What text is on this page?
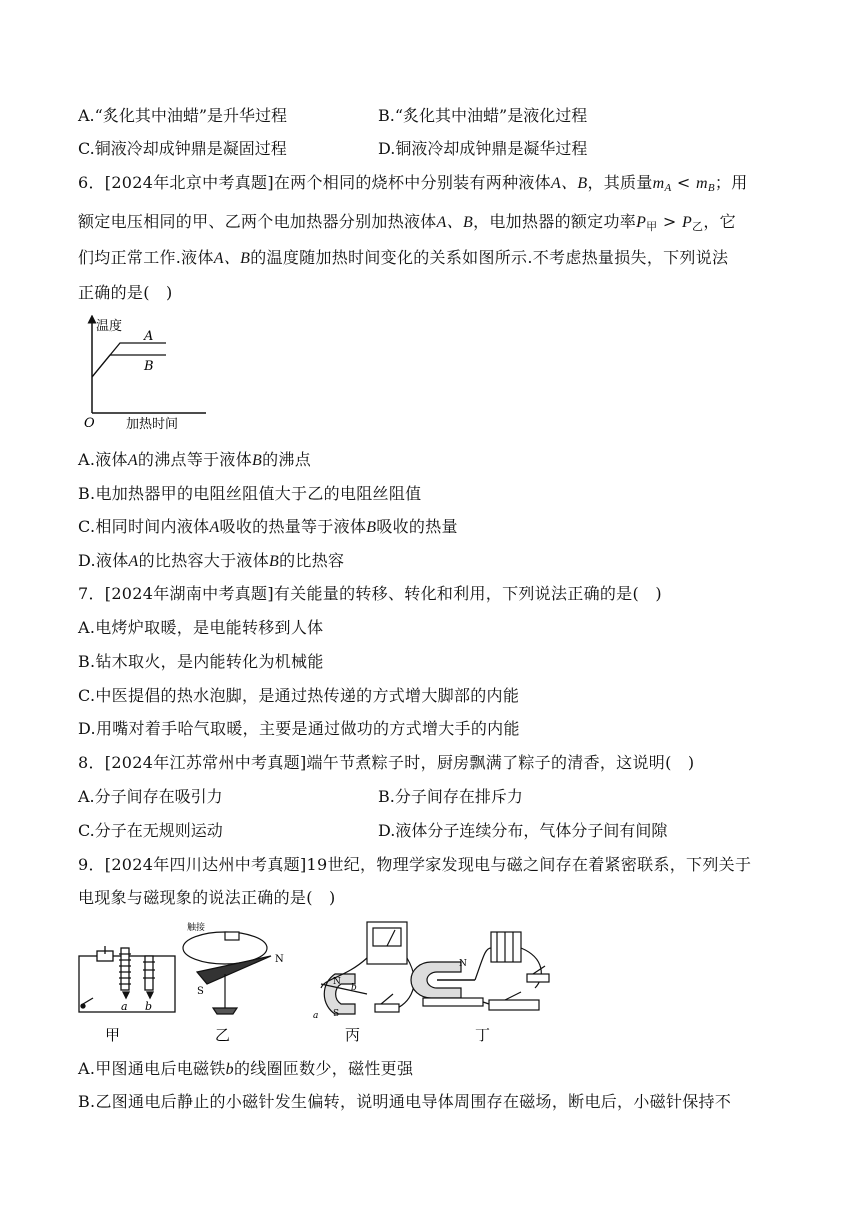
A.“炙化其中油蜡”是升华过程	B.“炙化其中油蜡”是液化过程
C.铜液冷却成钟鼎是凝固过程	D.铜液冷却成钟鼎是凝华过程
6．[2024年北京中考真题]在两个相同的烧杯中分别装有两种液体A、B，其质量$m_A < m_B$；用
额定电压相同的甲、乙两个电加热器分别加热液体A、B，电加热器的额定功率$P_甲 > P_乙$，它
们均正常工作.液体A、B的温度随加热时间变化的关系如图所示.不考虑热量损失，下列说法
正确的是(　)
温度
O 加热时间
A
B
A.液体A的沸点等于液体B的沸点
B.电加热器甲的电阻丝阻值大于乙的电阻丝阻值
C.相同时间内液体A吸收的热量等于液体B吸收的热量
D.液体A的比热容大于液体B的比热容
7．[2024年湖南中考真题]有关能量的转移、转化和利用，下列说法正确的是(　)
A.电烤炉取暖，是电能转移到人体
B.钻木取火，是内能转化为机械能
C.中医提倡的热水泡脚，是通过热传递的方式增大脚部的内能
D.用嘴对着手哈气取暖，主要是通过做功的方式增大手的内能
8．[2024年江苏常州中考真题]端午节煮粽子时，厨房飘满了粽子的清香，这说明(　)
A.分子间存在吸引力	B.分子间存在排斥力
C.分子在无规则运动	D.液体分子连续分布，气体分子间有间隙
9．[2024年四川达州中考真题]19世纪，物理学家发现电与磁之间存在着紧密联系，下列关于
电现象与磁现象的说法正确的是(　)
a b
甲
触接
N
S
乙
N
S
a
b
丙
N
丁
A.甲图通电后电磁铁b的线圈匝数少，磁性更强
B.乙图通电后静止的小磁针发生偏转，说明通电导体周围存在磁场，断电后，小磁针保持不
